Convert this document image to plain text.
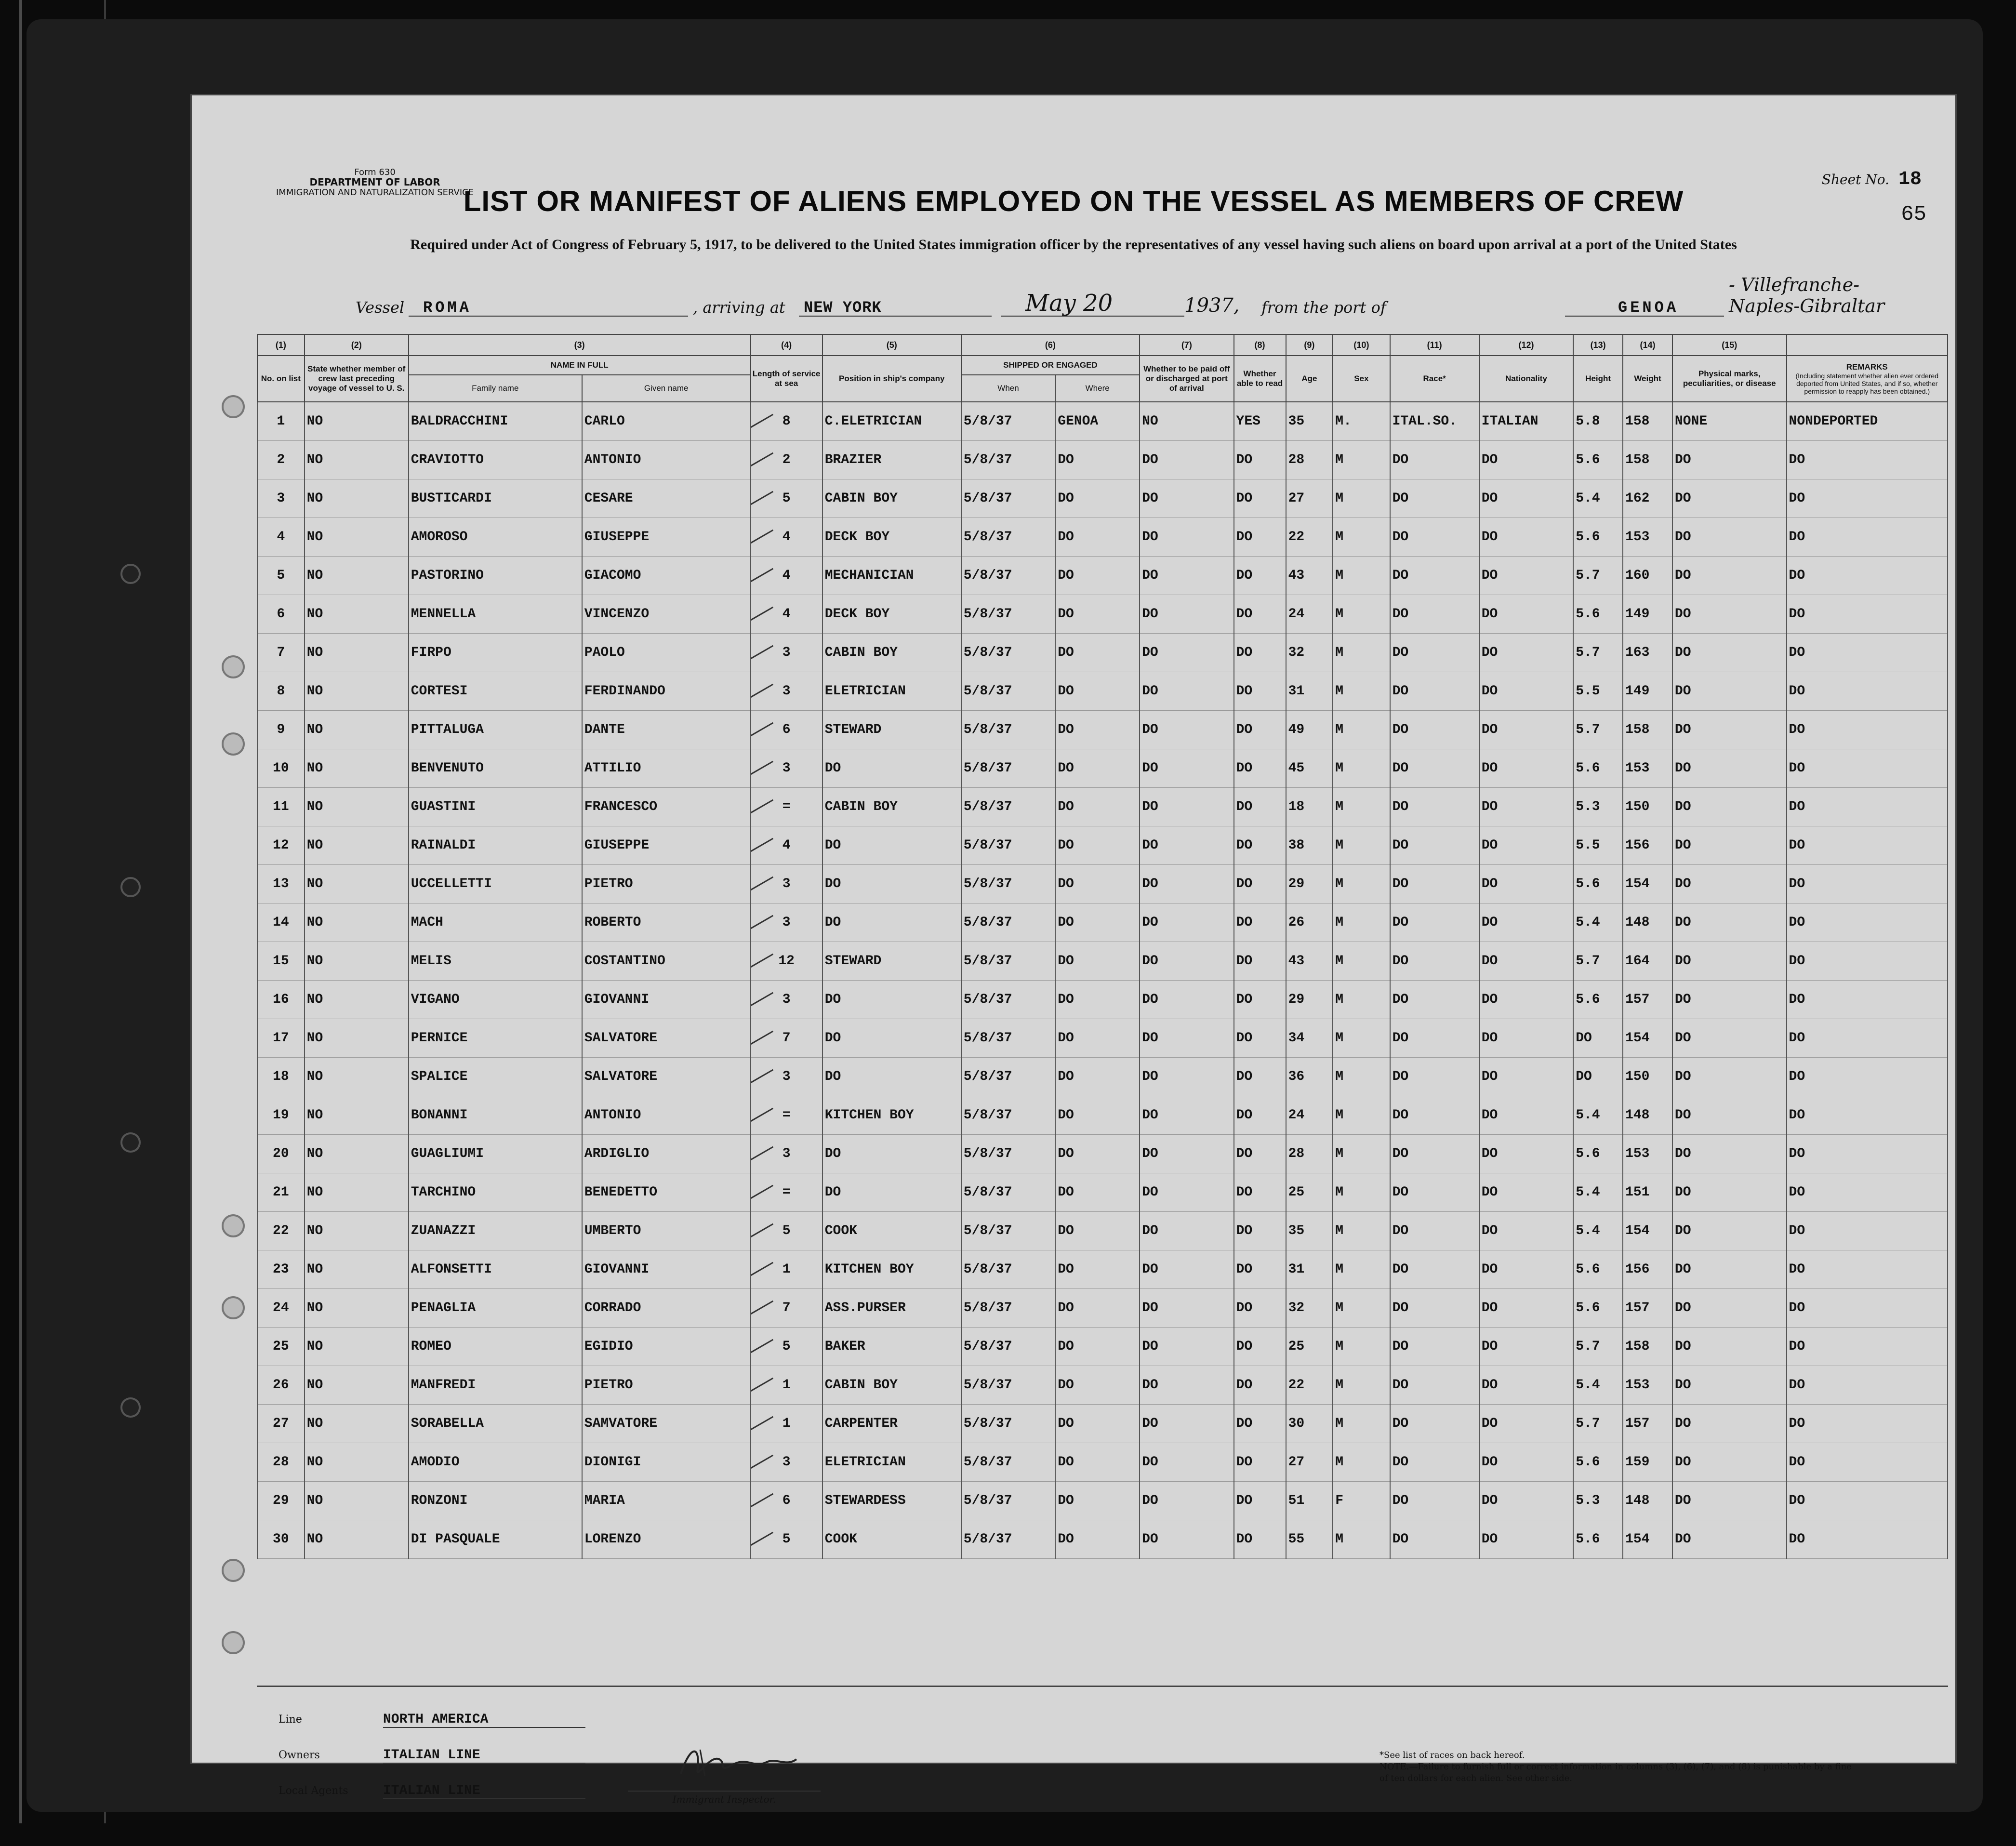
Form 630
DEPARTMENT OF LABOR
IMMIGRATION AND NATURALIZATION SERVICE
Sheet No. 18
65
LIST OR MANIFEST OF ALIENS EMPLOYED ON THE VESSEL AS MEMBERS OF CREW
Required under Act of Congress of February 5, 1917, to be delivered to the United States immigration officer by the representatives of any vessel having such aliens on board upon arrival at a port of the United States
Vessel ROMA	, arriving at NEW YORK	May 20	1937, from the port of	GENOA
- Villefranche-Naples-Gibraltar
(1)	(2)	(3)		(4)	(5)	(6)		(7)	(8)	(9)	(10)	(11)	(12)	(13)	(14)	(15)	
No. on list	State whether member of crew last preceding voyage of vessel to U. S.	NAME IN FULL		Length of service at sea	Position in ship's company	SHIPPED OR ENGAGED		Whether to be paid off or discharged at port of arrival	Whether able to read	Age	Sex	Race*	Nationality	Height	Weight	Physical marks, peculiarities, or disease	REMARKS
(Including statement whether alien ever ordered deported from United States, and if so, whether permission to reapply has been obtained.)

		Family name	Given name			When	Where										
1	NO	BALDRACCHINI	CARLO	8	C.ELETRICIAN	5/8/37	GENOA	NO	YES	35	M.	ITAL.SO.	ITALIAN	5.8	158	NONE	NONDEPORTED
2	NO	CRAVIOTTO	ANTONIO	2	BRAZIER	5/8/37	DO	DO	DO	28	M	DO	DO	5.6	158	DO	DO
3	NO	BUSTICARDI	CESARE	5	CABIN BOY	5/8/37	DO	DO	DO	27	M	DO	DO	5.4	162	DO	DO
4	NO	AMOROSO	GIUSEPPE	4	DECK BOY	5/8/37	DO	DO	DO	22	M	DO	DO	5.6	153	DO	DO
5	NO	PASTORINO	GIACOMO	4	MECHANICIAN	5/8/37	DO	DO	DO	43	M	DO	DO	5.7	160	DO	DO
6	NO	MENNELLA	VINCENZO	4	DECK BOY	5/8/37	DO	DO	DO	24	M	DO	DO	5.6	149	DO	DO
7	NO	FIRPO	PAOLO	3	CABIN BOY	5/8/37	DO	DO	DO	32	M	DO	DO	5.7	163	DO	DO
8	NO	CORTESI	FERDINANDO	3	ELETRICIAN	5/8/37	DO	DO	DO	31	M	DO	DO	5.5	149	DO	DO
9	NO	PITTALUGA	DANTE	6	STEWARD	5/8/37	DO	DO	DO	49	M	DO	DO	5.7	158	DO	DO
10	NO	BENVENUTO	ATTILIO	3	DO	5/8/37	DO	DO	DO	45	M	DO	DO	5.6	153	DO	DO
11	NO	GUASTINI	FRANCESCO	=	CABIN BOY	5/8/37	DO	DO	DO	18	M	DO	DO	5.3	150	DO	DO
12	NO	RAINALDI	GIUSEPPE	4	DO	5/8/37	DO	DO	DO	38	M	DO	DO	5.5	156	DO	DO
13	NO	UCCELLETTI	PIETRO	3	DO	5/8/37	DO	DO	DO	29	M	DO	DO	5.6	154	DO	DO
14	NO	MACH	ROBERTO	3	DO	5/8/37	DO	DO	DO	26	M	DO	DO	5.4	148	DO	DO
15	NO	MELIS	COSTANTINO	12	STEWARD	5/8/37	DO	DO	DO	43	M	DO	DO	5.7	164	DO	DO
16	NO	VIGANO	GIOVANNI	3	DO	5/8/37	DO	DO	DO	29	M	DO	DO	5.6	157	DO	DO
17	NO	PERNICE	SALVATORE	7	DO	5/8/37	DO	DO	DO	34	M	DO	DO	DO	154	DO	DO
18	NO	SPALICE	SALVATORE	3	DO	5/8/37	DO	DO	DO	36	M	DO	DO	DO	150	DO	DO
19	NO	BONANNI	ANTONIO	=	KITCHEN BOY	5/8/37	DO	DO	DO	24	M	DO	DO	5.4	148	DO	DO
20	NO	GUAGLIUMI	ARDIGLIO	3	DO	5/8/37	DO	DO	DO	28	M	DO	DO	5.6	153	DO	DO
21	NO	TARCHINO	BENEDETTO	=	DO	5/8/37	DO	DO	DO	25	M	DO	DO	5.4	151	DO	DO
22	NO	ZUANAZZI	UMBERTO	5	COOK	5/8/37	DO	DO	DO	35	M	DO	DO	5.4	154	DO	DO
23	NO	ALFONSETTI	GIOVANNI	1	KITCHEN BOY	5/8/37	DO	DO	DO	31	M	DO	DO	5.6	156	DO	DO
24	NO	PENAGLIA	CORRADO	7	ASS.PURSER	5/8/37	DO	DO	DO	32	M	DO	DO	5.6	157	DO	DO
25	NO	ROMEO	EGIDIO	5	BAKER	5/8/37	DO	DO	DO	25	M	DO	DO	5.7	158	DO	DO
26	NO	MANFREDI	PIETRO	1	CABIN BOY	5/8/37	DO	DO	DO	22	M	DO	DO	5.4	153	DO	DO
27	NO	SORABELLA	SAMVATORE	1	CARPENTER	5/8/37	DO	DO	DO	30	M	DO	DO	5.7	157	DO	DO
28	NO	AMODIO	DIONIGI	3	ELETRICIAN	5/8/37	DO	DO	DO	27	M	DO	DO	5.6	159	DO	DO
29	NO	RONZONI	MARIA	6	STEWARDESS	5/8/37	DO	DO	DO	51	F	DO	DO	5.3	148	DO	DO
30	NO	DI PASQUALE	LORENZO	5	COOK	5/8/37	DO	DO	DO	55	M	DO	DO	5.6	154	DO	DO
Line	NORTH AMERICA
Owners	ITALIAN LINE
Local Agents	ITALIAN LINE
Immigrant Inspector.
*See list of races on back hereof.
NOTE.—Failure to furnish full or correct information in columns (3), (6), (7), and (8) is punishable by a fine of ten dollars for each alien. See other side.
